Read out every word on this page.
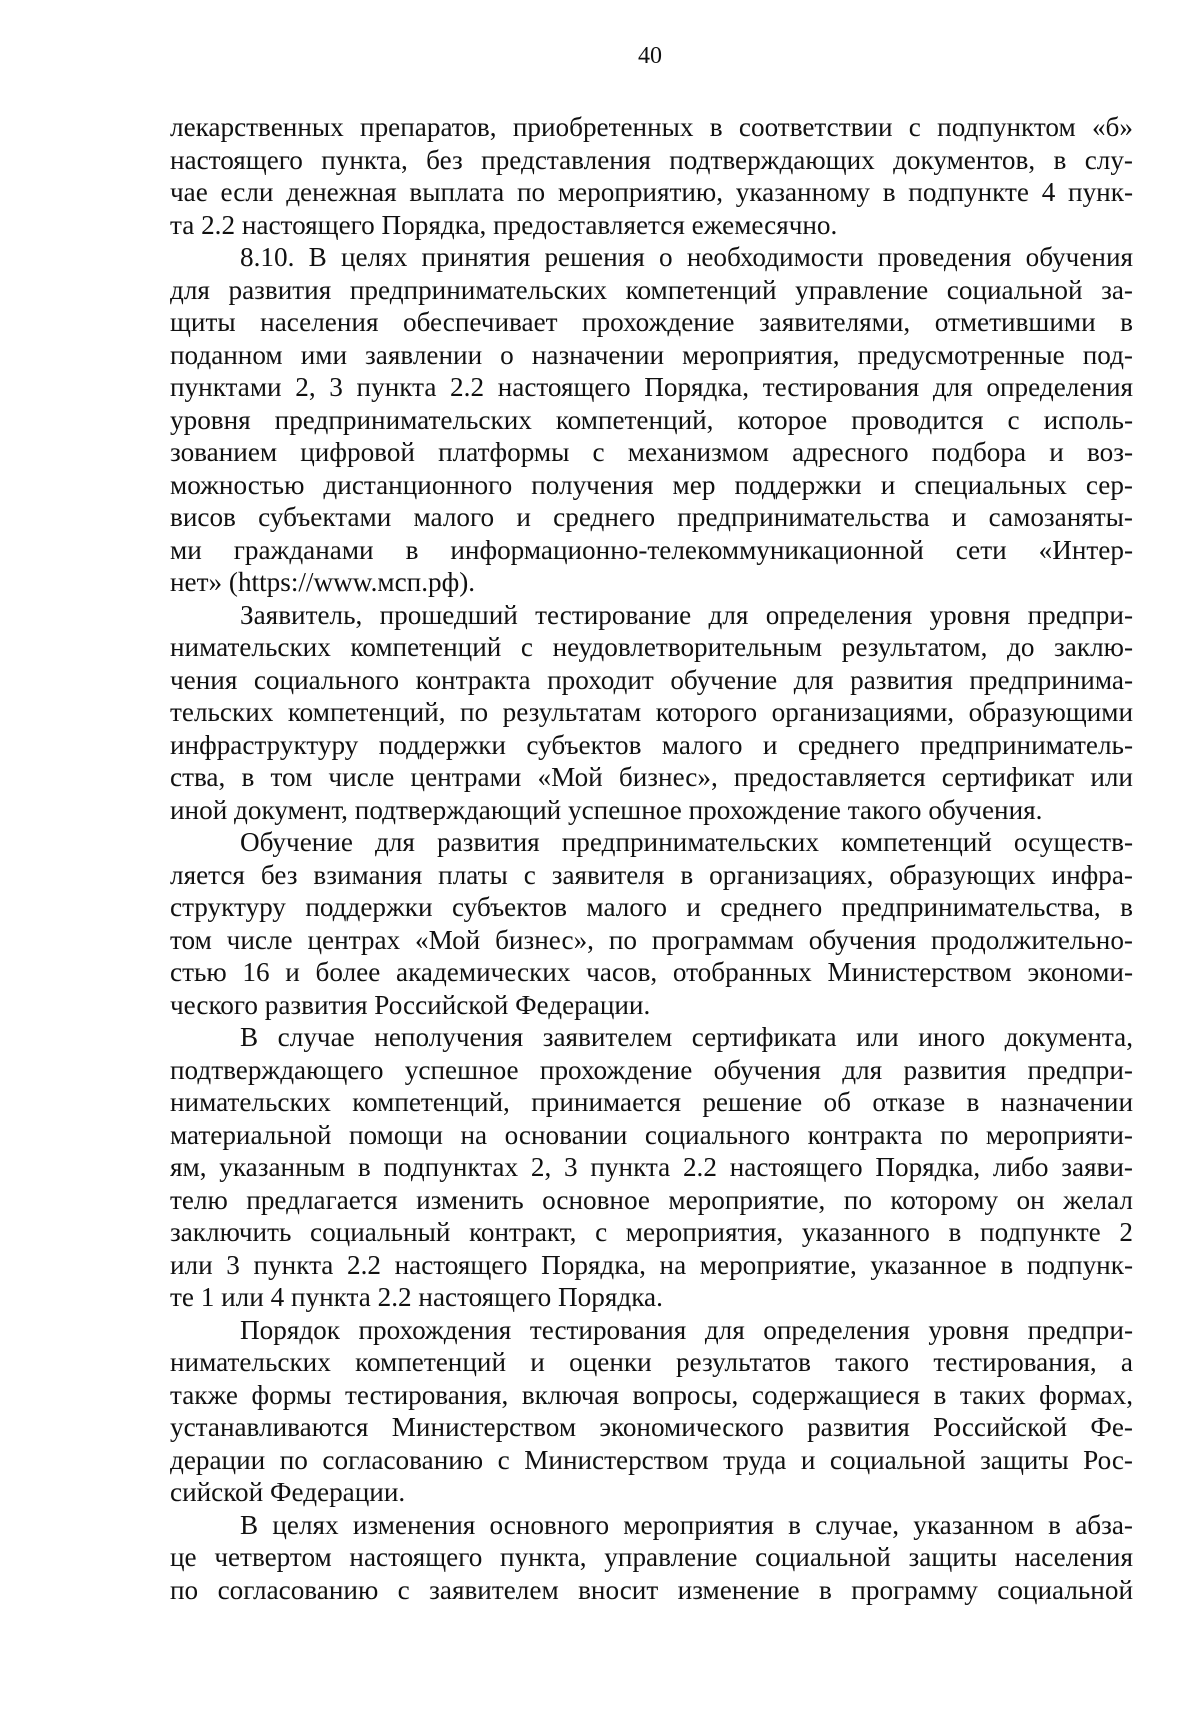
40
лекарственных препаратов, приобретенных в соответствии с подпунктом «б»
настоящего пункта, без представления подтверждающих документов, в слу-
чае если денежная выплата по мероприятию, указанному в подпункте 4 пунк-
та 2.2 настоящего Порядка, предоставляется ежемесячно.
8.10. В целях принятия решения о необходимости проведения обучения
для развития предпринимательских компетенций управление социальной за-
щиты населения обеспечивает прохождение заявителями, отметившими в
поданном ими заявлении о назначении мероприятия, предусмотренные под-
пунктами 2, 3 пункта 2.2 настоящего Порядка, тестирования для определения
уровня предпринимательских компетенций, которое проводится с исполь-
зованием цифровой платформы с механизмом адресного подбора и воз-
можностью дистанционного получения мер поддержки и специальных сер-
висов субъектами малого и среднего предпринимательства и самозаняты-
ми гражданами в информационно-телекоммуникационной сети «Интер-
нет» (https://www.мсп.рф).
Заявитель, прошедший тестирование для определения уровня предпри-
нимательских компетенций с неудовлетворительным результатом, до заклю-
чения социального контракта проходит обучение для развития предпринима-
тельских компетенций, по результатам которого организациями, образующими
инфраструктуру поддержки субъектов малого и среднего предприниматель-
ства, в том числе центрами «Мой бизнес», предоставляется сертификат или
иной документ, подтверждающий успешное прохождение такого обучения.
Обучение для развития предпринимательских компетенций осуществ-
ляется без взимания платы с заявителя в организациях, образующих инфра-
структуру поддержки субъектов малого и среднего предпринимательства, в
том числе центрах «Мой бизнес», по программам обучения продолжительно-
стью 16 и более академических часов, отобранных Министерством экономи-
ческого развития Российской Федерации.
В случае неполучения заявителем сертификата или иного документа,
подтверждающего успешное прохождение обучения для развития предпри-
нимательских компетенций, принимается решение об отказе в назначении
материальной помощи на основании социального контракта по мероприяти-
ям, указанным в подпунктах 2, 3 пункта 2.2 настоящего Порядка, либо заяви-
телю предлагается изменить основное мероприятие, по которому он желал
заключить социальный контракт, с мероприятия, указанного в подпункте 2
или 3 пункта 2.2 настоящего Порядка, на мероприятие, указанное в подпунк-
те 1 или 4 пункта 2.2 настоящего Порядка.
Порядок прохождения тестирования для определения уровня предпри-
нимательских компетенций и оценки результатов такого тестирования, а
также формы тестирования, включая вопросы, содержащиеся в таких формах,
устанавливаются Министерством экономического развития Российской Фе-
дерации по согласованию с Министерством труда и социальной защиты Рос-
сийской Федерации.
В целях изменения основного мероприятия в случае, указанном в абза-
це четвертом настоящего пункта, управление социальной защиты населения
по согласованию с заявителем вносит изменение в программу социальной
